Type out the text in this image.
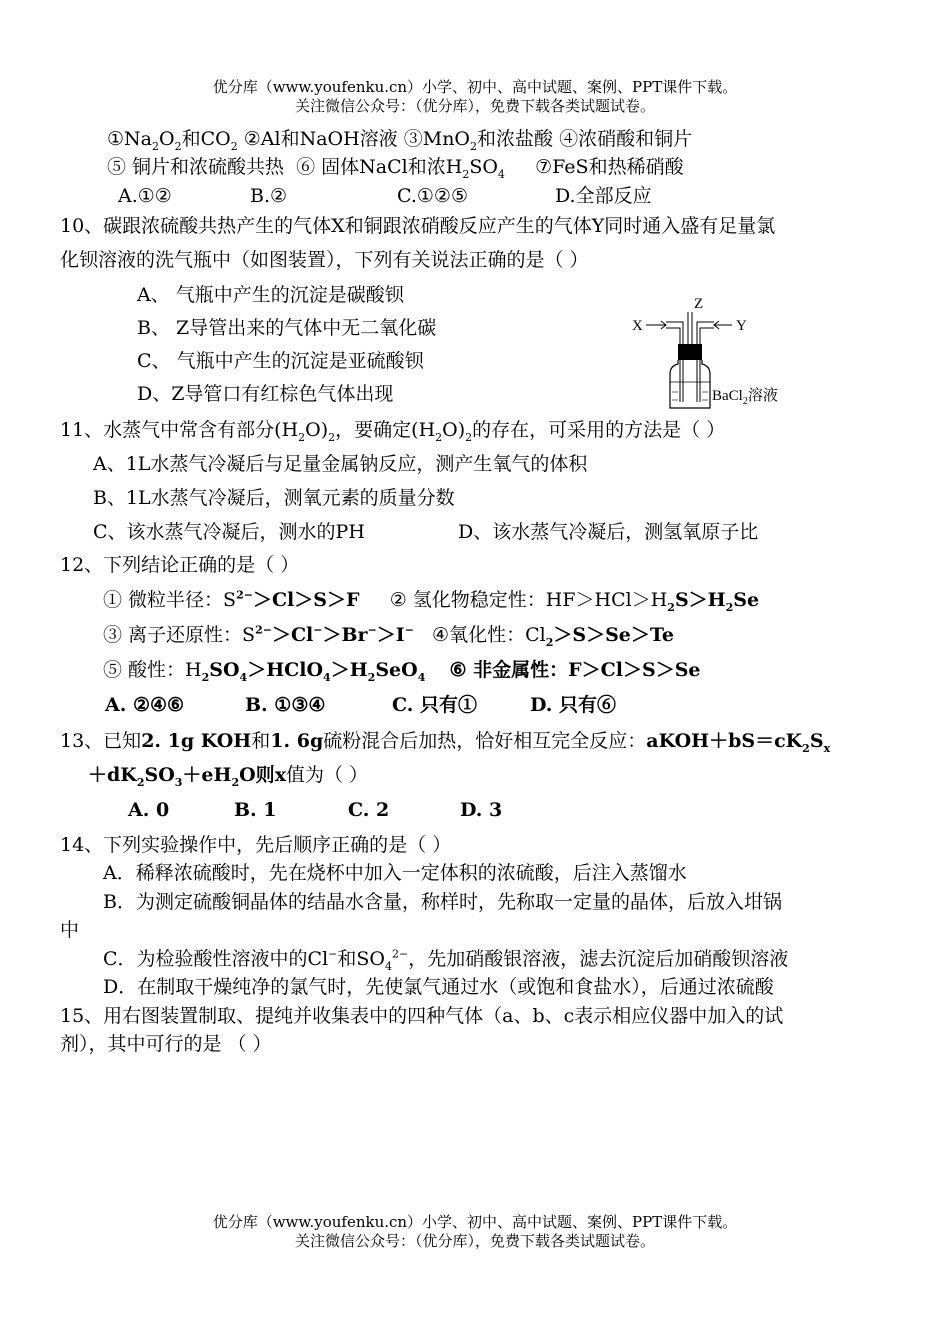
优分库（www.youfenku.cn）小学、初中、高中试题、案例、PPT课件下载。
关注微信公众号：（优分库），免费下载各类试题试卷。
$①Na_2O_2$和$CO_2$ ②Al和NaOH溶液 ③MnO$_2$和浓盐酸 ④浓硝酸和铜片
⑤ 铜片和浓硫酸共热 ⑥ 固体NaCl和浓$H_2SO_4$ ⑦FeS和热稀硝酸
A.①②	B.②	C.①②⑤	D.全部反应
10、碳跟浓硫酸共热产生的气体X和铜跟浓硝酸反应产生的气体Y同时通入盛有足量氯
化钡溶液的洗气瓶中（如图装置），下列有关说法正确的是（ ）
A、 气瓶中产生的沉淀是碳酸钡
B、 Z导管出来的气体中无二氧化碳
C、 气瓶中产生的沉淀是亚硫酸钡
D、Z导管口有红棕色气体出现
Z
X	Y
BaCl$_2$溶液
11、水蒸气中常含有部分$(H_2O)_2$，要确定$(H_2O)_2$的存在，可采用的方法是（ ）
A、1L水蒸气冷凝后与足量金属钠反应，测产生氧气的体积
B、1L水蒸气冷凝后，测氧元素的质量分数
C、该水蒸气冷凝后，测水的PH	D、该水蒸气冷凝后，测氢氧原子比
12、下列结论正确的是（ ）
① 微粒半径：$S^{2-}>Cl>S>F$ ② 氢化物稳定性：$HF>HCl>H_2S>H_2Se$
③ 离子还原性：$S^{2-}>Cl^->Br^->I^-$ ④氧化性：$Cl_2>S>Se>Te$
⑤ 酸性：$H_2SO_4>HClO_4>H_2SeO_4$ ⑥ 非金属性：F＞Cl＞S＞Se
A. ②④⑥	B. ①③④	C. 只有①	D. 只有⑥
13、已知2. 1g KOH和1. 6g硫粉混合后加热，恰好相互完全反应：$aKOH+bS=cK_2S_x$
$+dK_2SO_3+eH_2O$则x值为（ ）
A. 0	B. 1	C. 2	D. 3
14、下列实验操作中，先后顺序正确的是（ ）
A．稀释浓硫酸时，先在烧杯中加入一定体积的浓硫酸，后注入蒸馏水
B．为测定硫酸铜晶体的结晶水含量，称样时，先称取一定量的晶体，后放入坩锅
中
C．为检验酸性溶液中的Cl−和$SO_4^{2-}$，先加硝酸银溶液，滤去沉淀后加硝酸钡溶液
D．在制取干燥纯净的氯气时，先使氯气通过水（或饱和食盐水），后通过浓硫酸
15、用右图装置制取、提纯并收集表中的四种气体（a、b、c表示相应仪器中加入的试
剂），其中可行的是 （ ）
优分库（www.youfenku.cn）小学、初中、高中试题、案例、PPT课件下载。
关注微信公众号：（优分库），免费下载各类试题试卷。
